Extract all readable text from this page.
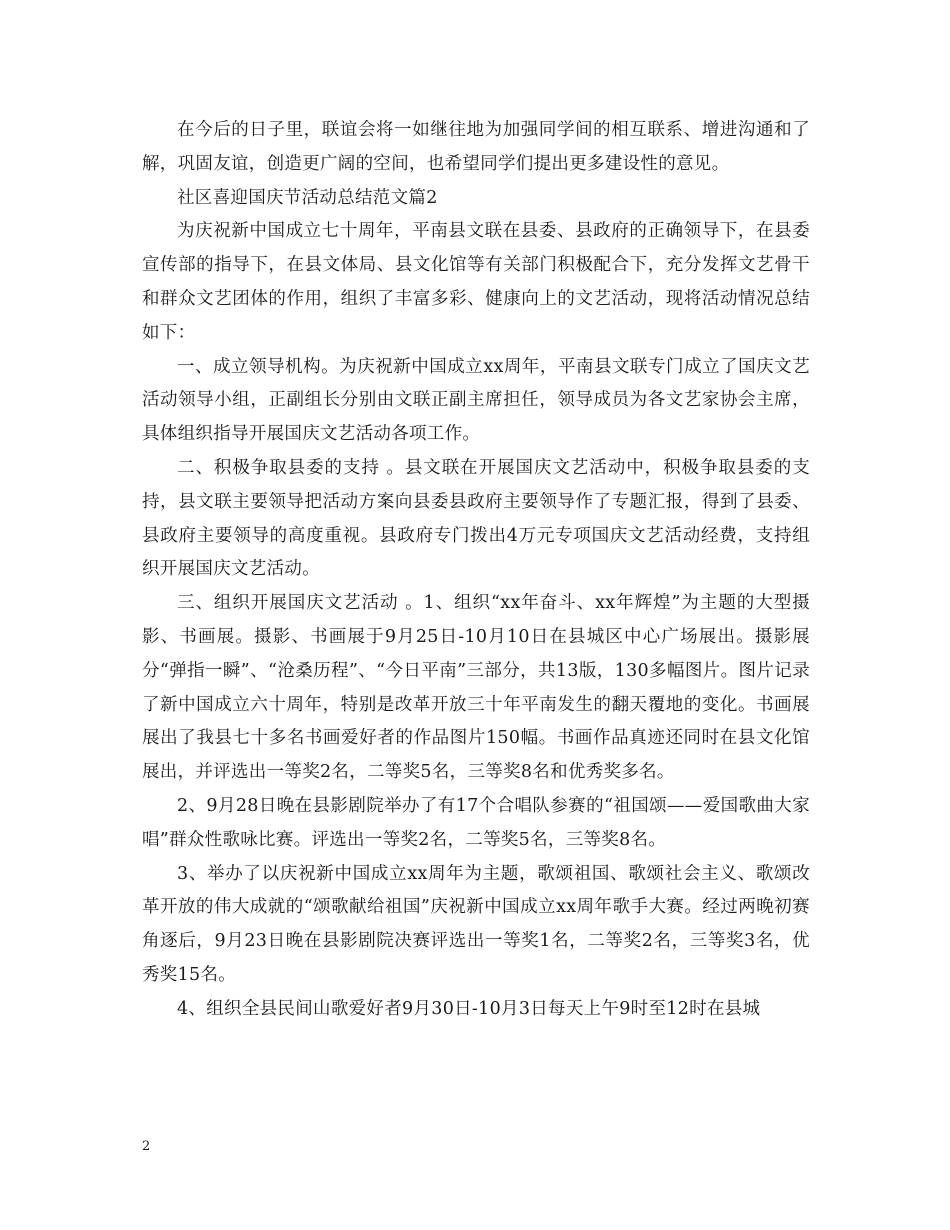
在今后的日子里，联谊会将一如继往地为加强同学间的相互联系、增进沟通和了解，巩固友谊，创造更广阔的空间，也希望同学们提出更多建设性的意见。

社区喜迎国庆节活动总结范文篇2

为庆祝新中国成立七十周年，平南县文联在县委、县政府的正确领导下，在县委宣传部的指导下，在县文体局、县文化馆等有关部门积极配合下，充分发挥文艺骨干和群众文艺团体的作用，组织了丰富多彩、健康向上的文艺活动，现将活动情况总结如下：

一、成立领导机构。为庆祝新中国成立xx周年，平南县文联专门成立了国庆文艺活动领导小组，正副组长分别由文联正副主席担任，领导成员为各文艺家协会主席，具体组织指导开展国庆文艺活动各项工作。

二、积极争取县委的支持 。县文联在开展国庆文艺活动中，积极争取县委的支持，县文联主要领导把活动方案向县委县政府主要领导作了专题汇报，得到了县委、县政府主要领导的高度重视。县政府专门拨出4万元专项国庆文艺活动经费，支持组织开展国庆文艺活动。

三、组织开展国庆文艺活动 。1、组织“xx年奋斗、xx年辉煌”为主题的大型摄影、书画展。摄影、书画展于9月25日-10月10日在县城区中心广场展出。摄影展分“弹指一瞬”、“沧桑历程”、“今日平南”三部分，共13版，130多幅图片。图片记录了新中国成立六十周年，特别是改革开放三十年平南发生的翻天覆地的变化。书画展展出了我县七十多名书画爱好者的作品图片150幅。书画作品真迹还同时在县文化馆展出，并评选出一等奖2名，二等奖5名，三等奖8名和优秀奖多名。

2、9月28日晚在县影剧院举办了有17个合唱队参赛的“祖国颂——爱国歌曲大家唱”群众性歌咏比赛。评选出一等奖2名，二等奖5名，三等奖8名。

3、举办了以庆祝新中国成立xx周年为主题，歌颂祖国、歌颂社会主义、歌颂改革开放的伟大成就的“颂歌献给祖国”庆祝新中国成立xx周年歌手大赛。经过两晚初赛角逐后，9月23日晚在县影剧院决赛评选出一等奖1名，二等奖2名，三等奖3名，优秀奖15名。

4、组织全县民间山歌爱好者9月30日-10月3日每天上午9时至12时在县城

2
